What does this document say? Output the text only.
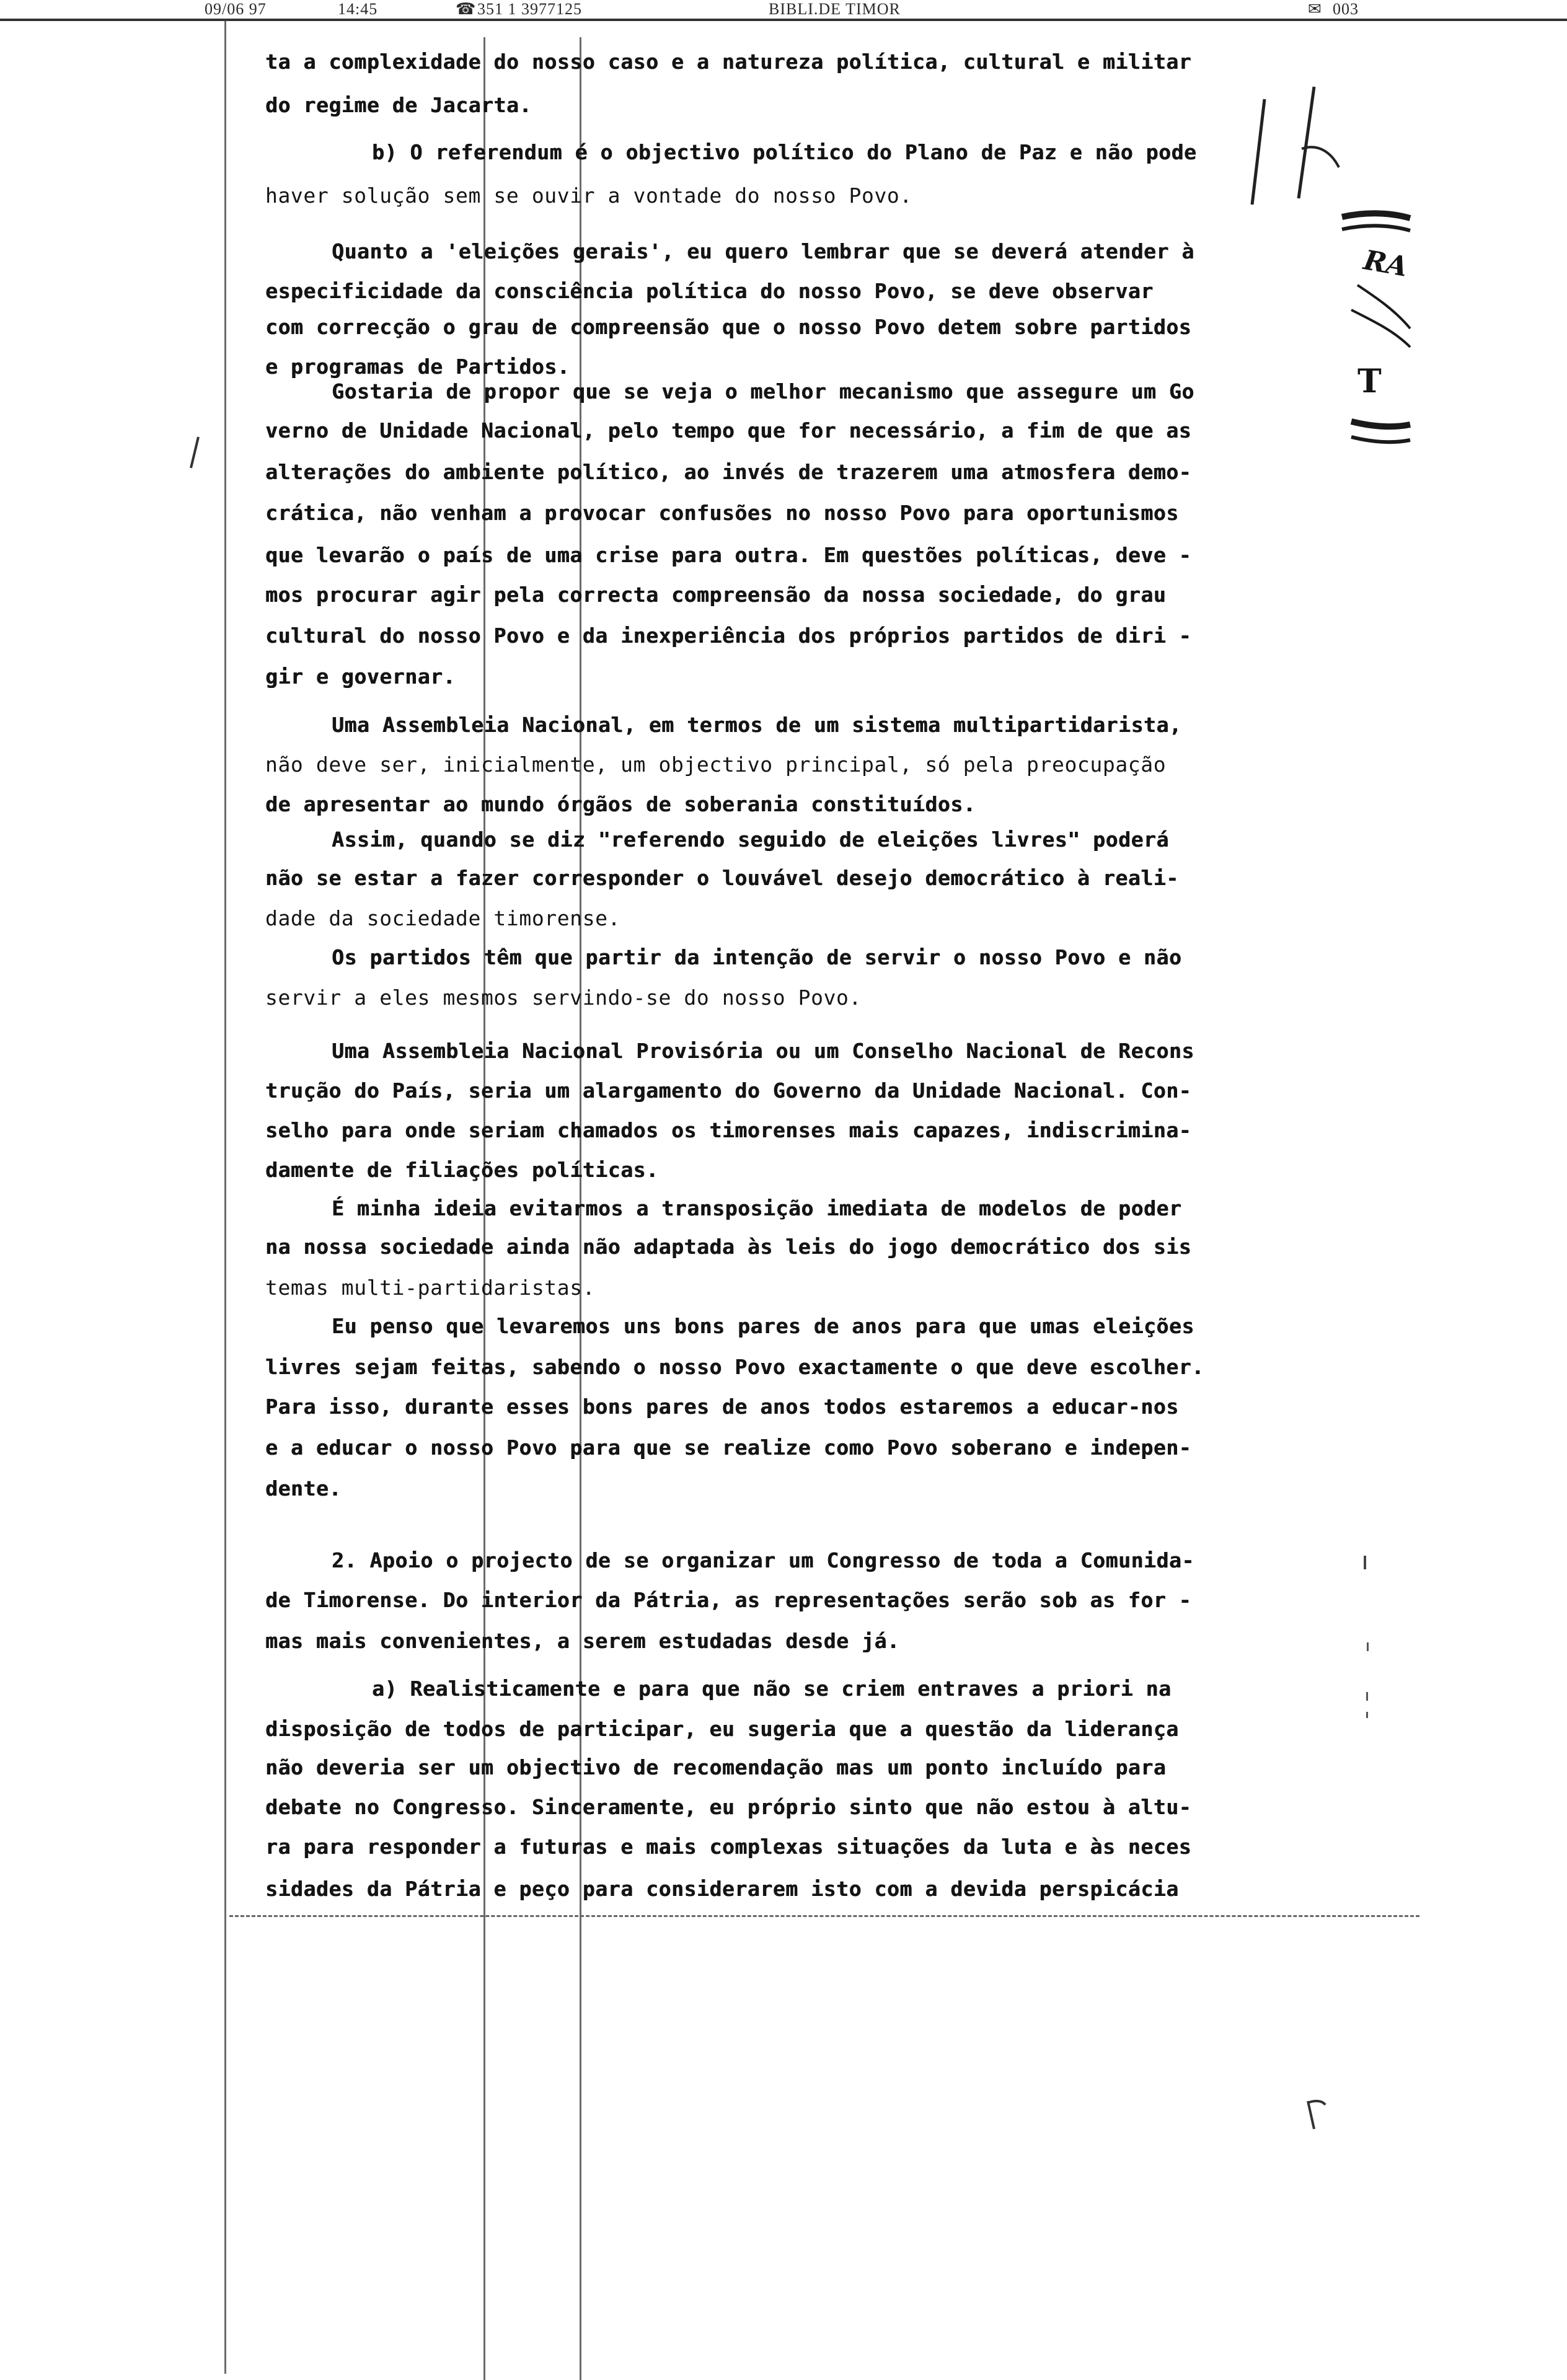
09/06 97	14:45	☎ 351 1 3977125	BIBLI.DE TIMOR	✉ 003
ta a complexidade do nosso caso e a natureza política, cultural e militar
do regime de Jacarta.
b) O referendum é o objectivo político do Plano de Paz e não pode
haver solução sem se ouvir a vontade do nosso Povo.
Quanto a 'eleições gerais', eu quero lembrar que se deverá atender à
especificidade da consciência política do nosso Povo, se deve observar
com correcção o grau de compreensão que o nosso Povo detem sobre partidos
e programas de Partidos.
Gostaria de propor que se veja o melhor mecanismo que assegure um Go
verno de Unidade Nacional, pelo tempo que for necessário, a fim de que as
alterações do ambiente político, ao invés de trazerem uma atmosfera demo-
crática, não venham a provocar confusões no nosso Povo para oportunismos
que levarão o país de uma crise para outra. Em questões políticas, deve -
mos procurar agir pela correcta compreensão da nossa sociedade, do grau
cultural do nosso Povo e da inexperiência dos próprios partidos de diri -
gir e governar.
Uma Assembleia Nacional, em termos de um sistema multipartidarista,
não deve ser, inicialmente, um objectivo principal, só pela preocupação
de apresentar ao mundo órgãos de soberania constituídos.
Assim, quando se diz "referendo seguido de eleições livres" poderá
não se estar a fazer corresponder o louvável desejo democrático à reali-
dade da sociedade timorense.
Os partidos têm que partir da intenção de servir o nosso Povo e não
servir a eles mesmos servindo-se do nosso Povo.
Uma Assembleia Nacional Provisória ou um Conselho Nacional de Recons
trução do País, seria um alargamento do Governo da Unidade Nacional. Con-
selho para onde seriam chamados os timorenses mais capazes, indiscrimina-
damente de filiações políticas.
É minha ideia evitarmos a transposição imediata de modelos de poder
na nossa sociedade ainda não adaptada às leis do jogo democrático dos sis
temas multi-partidaristas.
Eu penso que levaremos uns bons pares de anos para que umas eleições
livres sejam feitas, sabendo o nosso Povo exactamente o que deve escolher.
Para isso, durante esses bons pares de anos todos estaremos a educar-nos
e a educar o nosso Povo para que se realize como Povo soberano e indepen-
dente.
2. Apoio o projecto de se organizar um Congresso de toda a Comunida-
de Timorense. Do interior da Pátria, as representações serão sob as for -
mas mais convenientes, a serem estudadas desde já.
a) Realisticamente e para que não se criem entraves a priori na
disposição de todos de participar, eu sugeria que a questão da liderança
não deveria ser um objectivo de recomendação mas um ponto incluído para
debate no Congresso. Sinceramente, eu próprio sinto que não estou à altu-
ra para responder a futuras e mais complexas situações da luta e às neces
sidades da Pátria e peço para considerarem isto com a devida perspicácia
RA
T
